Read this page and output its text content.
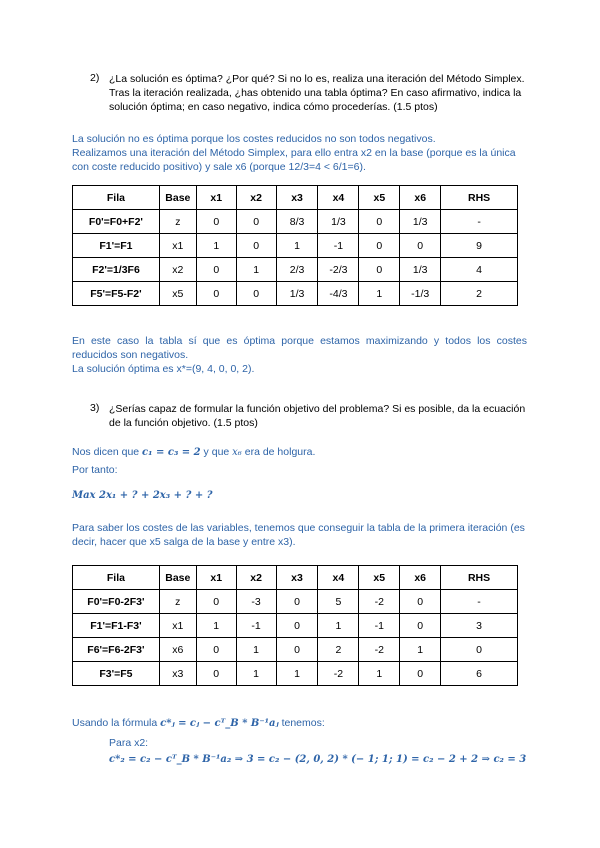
2) ¿La solución es óptima? ¿Por qué? Si no lo es, realiza una iteración del Método Simplex.
Tras la iteración realizada, ¿has obtenido una tabla óptima? En caso afirmativo, indica la
solución óptima; en caso negativo, indica cómo procederías. (1.5 ptos)
La solución no es óptima porque los costes reducidos no son todos negativos.
Realizamos una iteración del Método Simplex, para ello entra x2 en la base (porque es la única
con coste reducido positivo) y sale x6 (porque 12/3=4 < 6/1=6).
Fila	Base	x1	x2	x3	x4	x5	x6	RHS
F0'=F0+F2'	z	0	0	8/3	1/3	0	1/3	-
F1'=F1	x1	1	0	1	-1	0	0	9
F2'=1/3F6	x2	0	1	2/3	-2/3	0	1/3	4
F5'=F5-F2'	x5	0	0	1/3	-4/3	1	-1/3	2
En este caso la tabla sí que es óptima porque estamos maximizando y todos los costes
reducidos son negativos.
La solución óptima es x*=(9, 4, 0, 0, 2).
3) ¿Serías capaz de formular la función objetivo del problema? Si es posible, da la ecuación
de la función objetivo. (1.5 ptos)
Nos dicen que c₁ = c₃ = 2 y que x₆ era de holgura.
Por tanto:
Max 2x₁ + ? + 2x₃ + ? + ?
Para saber los costes de las variables, tenemos que conseguir la tabla de la primera iteración (es
decir, hacer que x5 salga de la base y entre x3).
Fila	Base	x1	x2	x3	x4	x5	x6	RHS
F0'=F0-2F3'	z	0	-3	0	5	-2	0	-
F1'=F1-F3'	x1	1	-1	0	1	-1	0	3
F6'=F6-2F3'	x6	0	1	0	2	-2	1	0
F3'=F5	x3	0	1	1	-2	1	0	6
Usando la fórmula c*ⱼ = cⱼ − cᵀ_B * B⁻¹aⱼ tenemos:
Para x2:
c*₂ = c₂ − cᵀ_B * B⁻¹a₂ ⇒ 3 = c₂ − (2, 0, 2) * (− 1; 1; 1) = c₂ − 2 + 2 ⇒ c₂ = 3
